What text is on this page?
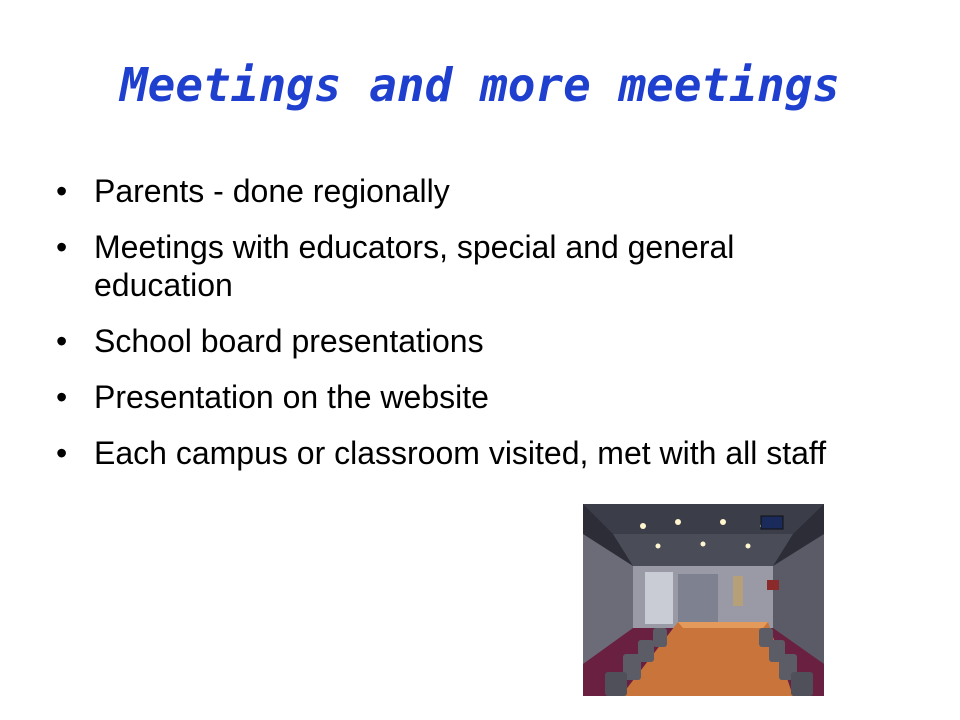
Meetings and more meetings
• Parents - done regionally
• Meetings with educators, special and general education
• School board presentations
• Presentation on the website
• Each campus or classroom visited, met with all staff
